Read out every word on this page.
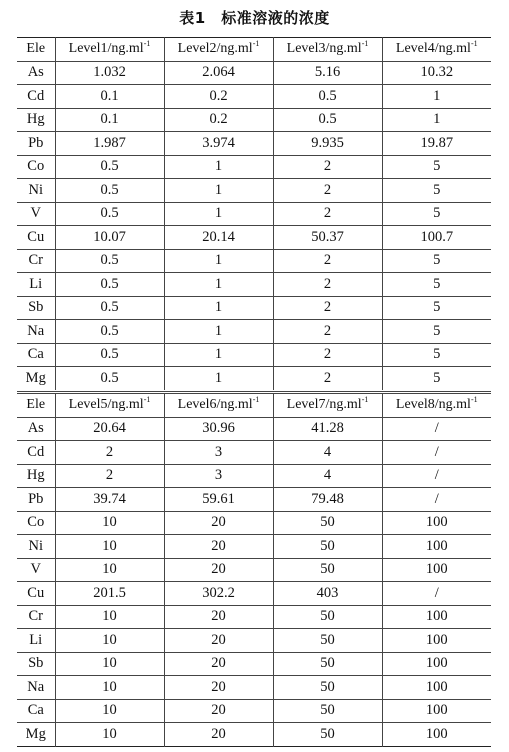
表1　标准溶液的浓度
Ele	$Level1/ng.ml^{-1}$	$Level2/ng.ml^{-1}$	$Level3/ng.ml^{-1}$	$Level4/ng.ml^{-1}$
As	1.032	2.064	5.16	10.32
Cd	0.1	0.2	0.5	1
Hg	0.1	0.2	0.5	1
Pb	1.987	3.974	9.935	19.87
Co	0.5	1	2	5
Ni	0.5	1	2	5
V	0.5	1	2	5
Cu	10.07	20.14	50.37	100.7
Cr	0.5	1	2	5
Li	0.5	1	2	5
Sb	0.5	1	2	5
Na	0.5	1	2	5
Ca	0.5	1	2	5
Mg	0.5	1	2	5
Ele	$Level5/ng.ml^{-1}$	$Level6/ng.ml^{-1}$	$Level7/ng.ml^{-1}$	$Level8/ng.ml^{-1}$
As	20.64	30.96	41.28	/
Cd	2	3	4	/
Hg	2	3	4	/
Pb	39.74	59.61	79.48	/
Co	10	20	50	100
Ni	10	20	50	100
V	10	20	50	100
Cu	201.5	302.2	403	/
Cr	10	20	50	100
Li	10	20	50	100
Sb	10	20	50	100
Na	10	20	50	100
Ca	10	20	50	100
Mg	10	20	50	100
